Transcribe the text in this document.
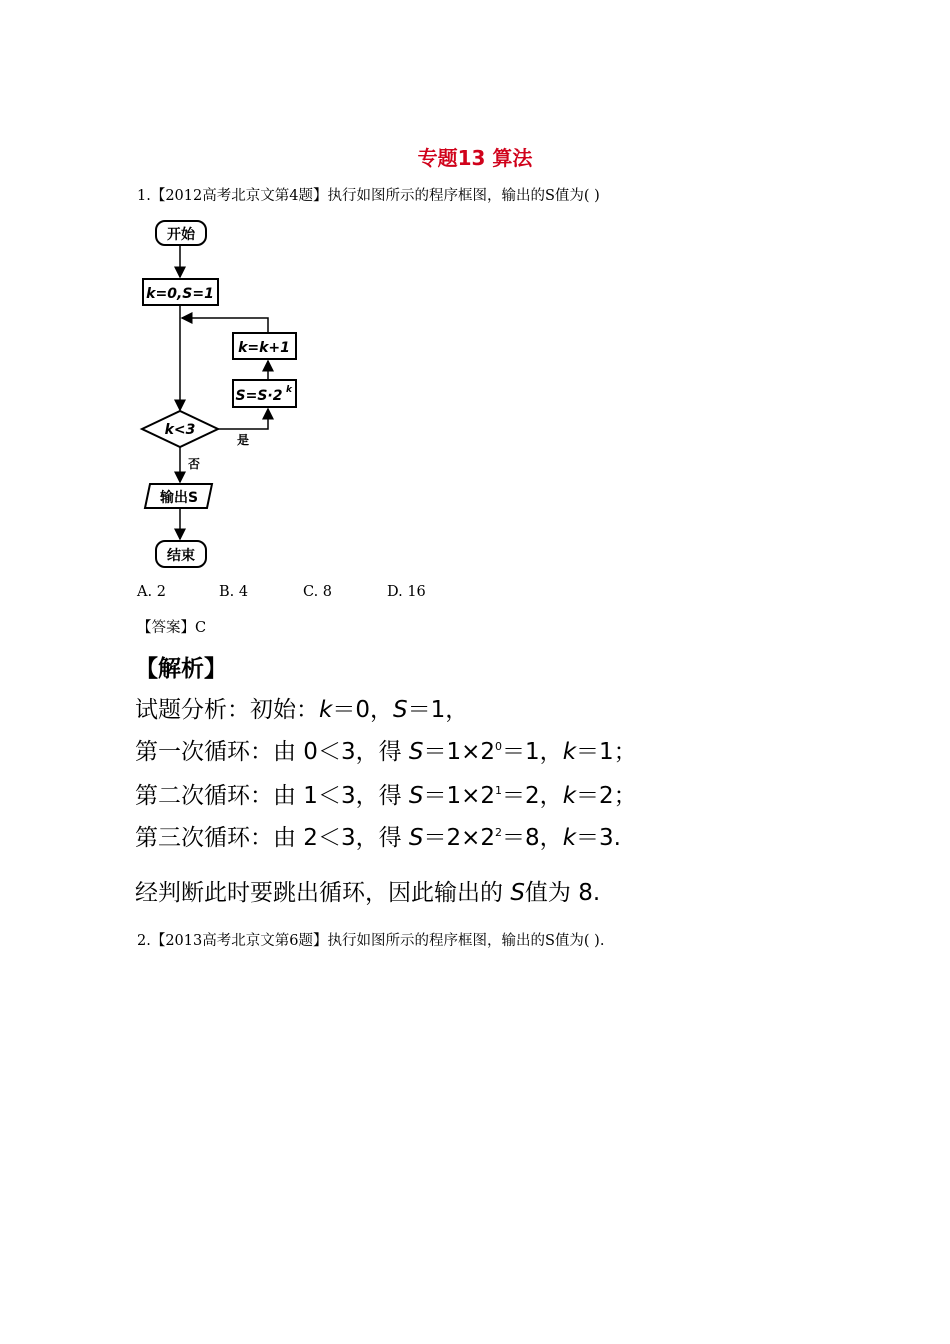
专题13 算法
1.【2012高考北京文第4题】执行如图所示的程序框图，输出的S值为( )
开始
k=0,S=1
k=k+1
S=S·2 k
k<3
是
否
输出S
结束
A. 2	B. 4	C. 8	D. 16
【答案】C
【解析】
试题分析：初始：k＝0，S＝1，
第一次循环：由 0＜3，得 $S=1\times 2^0=1$，k＝1；
第二次循环：由 1＜3，得 $S=1\times 2^1=2$，k＝2；
第三次循环：由 2＜3，得 $S=2\times 2^2=8$，k＝3.
经判断此时要跳出循环，因此输出的 S值为 8.
2.【2013高考北京文第6题】执行如图所示的程序框图，输出的S值为( ).
